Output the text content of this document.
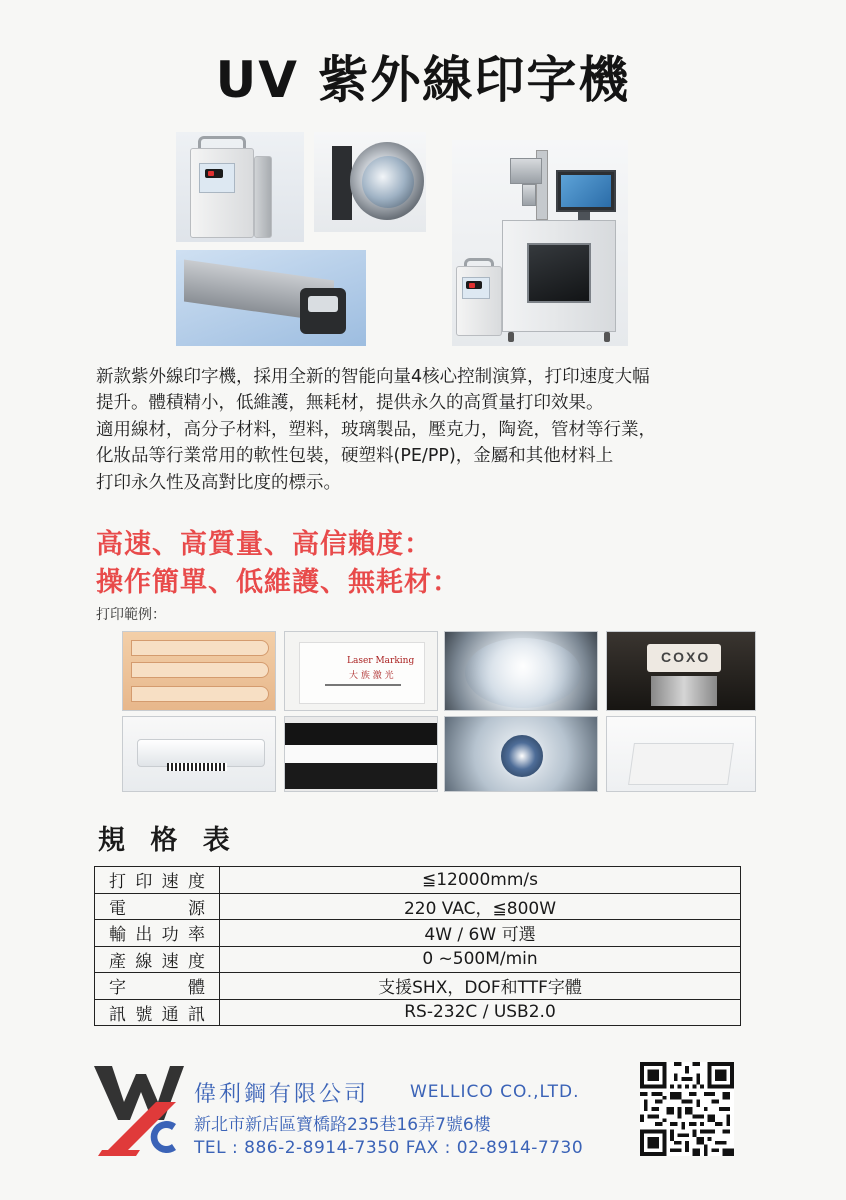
UV 紫外線印字機

新款紫外線印字機，採用全新的智能向量4核心控制演算，打印速度大幅

提升。體積精小，低維護，無耗材，提供永久的高質量打印效果。

適用線材，高分子材料，塑料，玻璃製品，壓克力，陶瓷，管材等行業，

化妝品等行業常用的軟性包裝，硬塑料(PE/PP)，金屬和其他材料上

打印永久性及高對比度的標示。

高速、高質量、高信賴度：
操作簡單、低維護、無耗材：
打印範例：
Laser Marking
大 族 激 光
COXO
規 格 表
打印速度	≦12000mm/s
電源	220 VAC，≦800W
輸出功率	4W / 6W 可選
產線速度	0 ~500M/min
字體	支援SHX，DOF和TTF字體
訊號通訊	RS-232C / USB2.0
偉利鋼有限公司 WELLICO CO.,LTD.
新北市新店區寶橋路235巷16弄7號6樓
TEL : 886-2-8914-7350 FAX : 02-8914-7730
